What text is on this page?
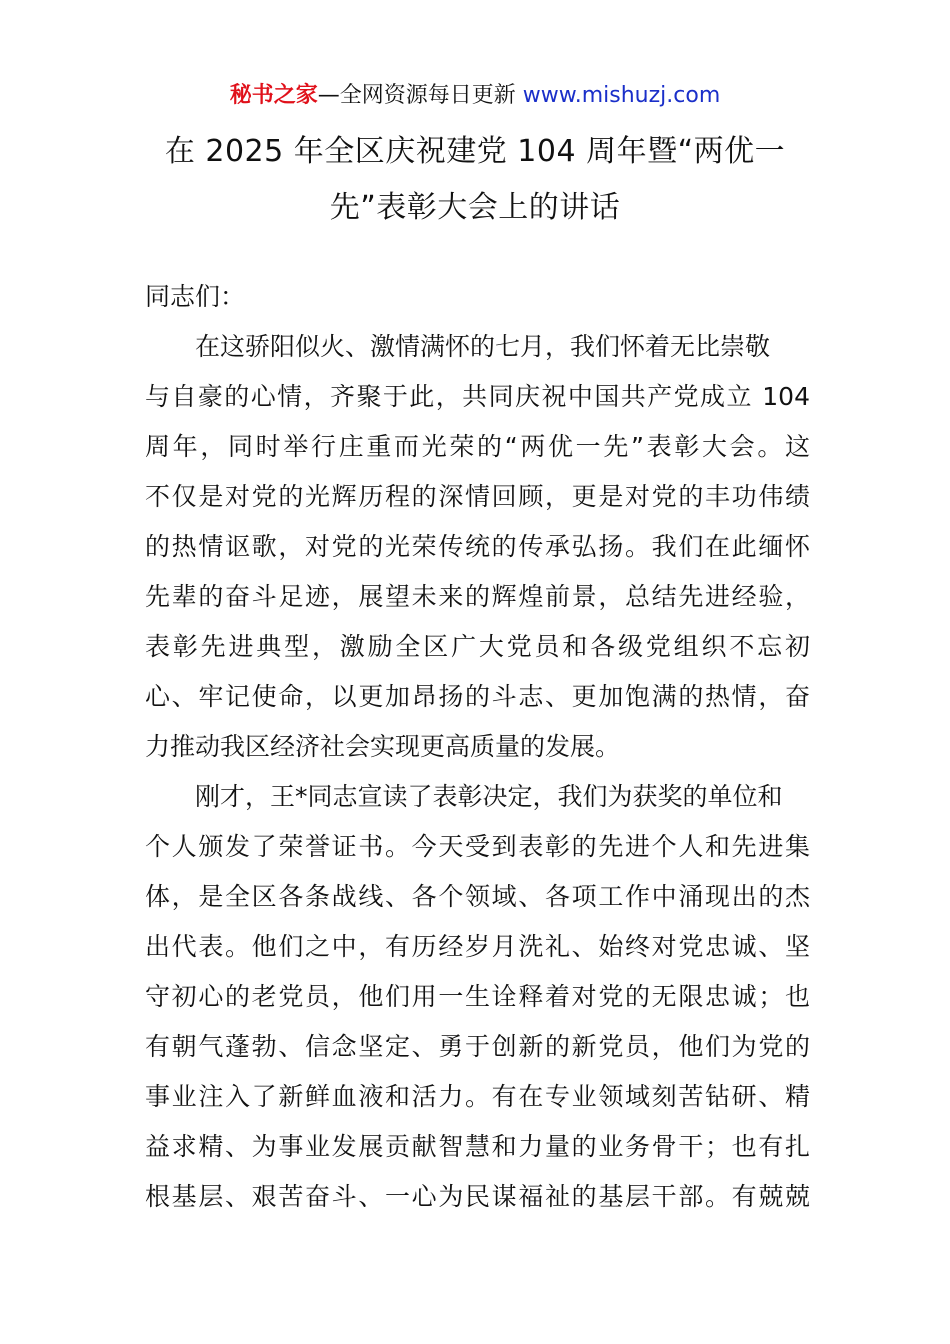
秘书之家—全网资源每日更新 www.mishuzj.com
在 2025 年全区庆祝建党 104 周年暨“两优一
先”表彰大会上的讲话
同志们：
在这骄阳似火、激情满怀的七月，我们怀着无比崇敬
与自豪的心情，齐聚于此，共同庆祝中国共产党成立 104
周年，同时举行庄重而光荣的“两优一先”表彰大会。这
不仅是对党的光辉历程的深情回顾，更是对党的丰功伟绩
的热情讴歌，对党的光荣传统的传承弘扬。我们在此缅怀
先辈的奋斗足迹，展望未来的辉煌前景，总结先进经验，
表彰先进典型，激励全区广大党员和各级党组织不忘初
心、牢记使命，以更加昂扬的斗志、更加饱满的热情，奋
力推动我区经济社会实现更高质量的发展。
刚才，王*同志宣读了表彰决定，我们为获奖的单位和
个人颁发了荣誉证书。今天受到表彰的先进个人和先进集
体，是全区各条战线、各个领域、各项工作中涌现出的杰
出代表。他们之中，有历经岁月洗礼、始终对党忠诚、坚
守初心的老党员，他们用一生诠释着对党的无限忠诚；也
有朝气蓬勃、信念坚定、勇于创新的新党员，他们为党的
事业注入了新鲜血液和活力。有在专业领域刻苦钻研、精
益求精、为事业发展贡献智慧和力量的业务骨干；也有扎
根基层、艰苦奋斗、一心为民谋福祉的基层干部。有兢兢
